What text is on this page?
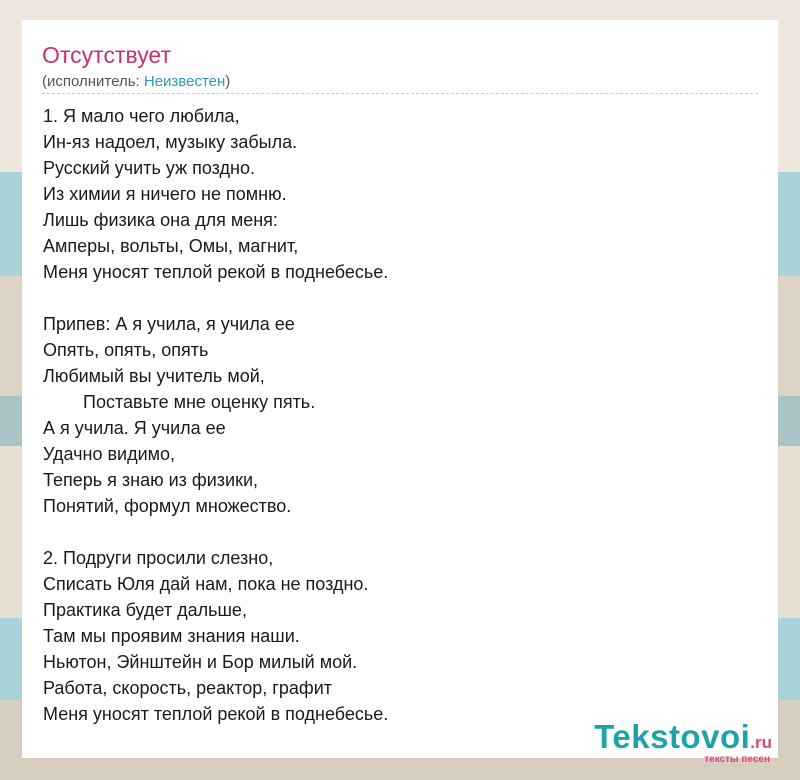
Отсутствует
(исполнитель: Неизвестен)
1. Я мало чего любила,
Ин-яз надоел, музыку забыла.
Русский учить уж поздно.
Из химии я ничего не помню.
Лишь физика она для меня:
Амперы, вольты, Омы, магнит,
Меня уносят теплой рекой в поднебесье.
Припев: А я учила, я учила ее
Опять, опять, опять
Любимый вы учитель мой,
Поставьте мне оценку пять.
А я учила. Я учила ее
Удачно видимо,
Теперь я знаю из физики,
Понятий, формул множество.
2. Подруги просили слезно,
Списать Юля дай нам, пока не поздно.
Практика будет дальше,
Там мы проявим знания наши.
Ньютон, Эйнштейн и Бор милый мой.
Работа, скорость, реактор, графит
Меня уносят теплой рекой в поднебесье.
Tekstovoi.ru
тексты песен
